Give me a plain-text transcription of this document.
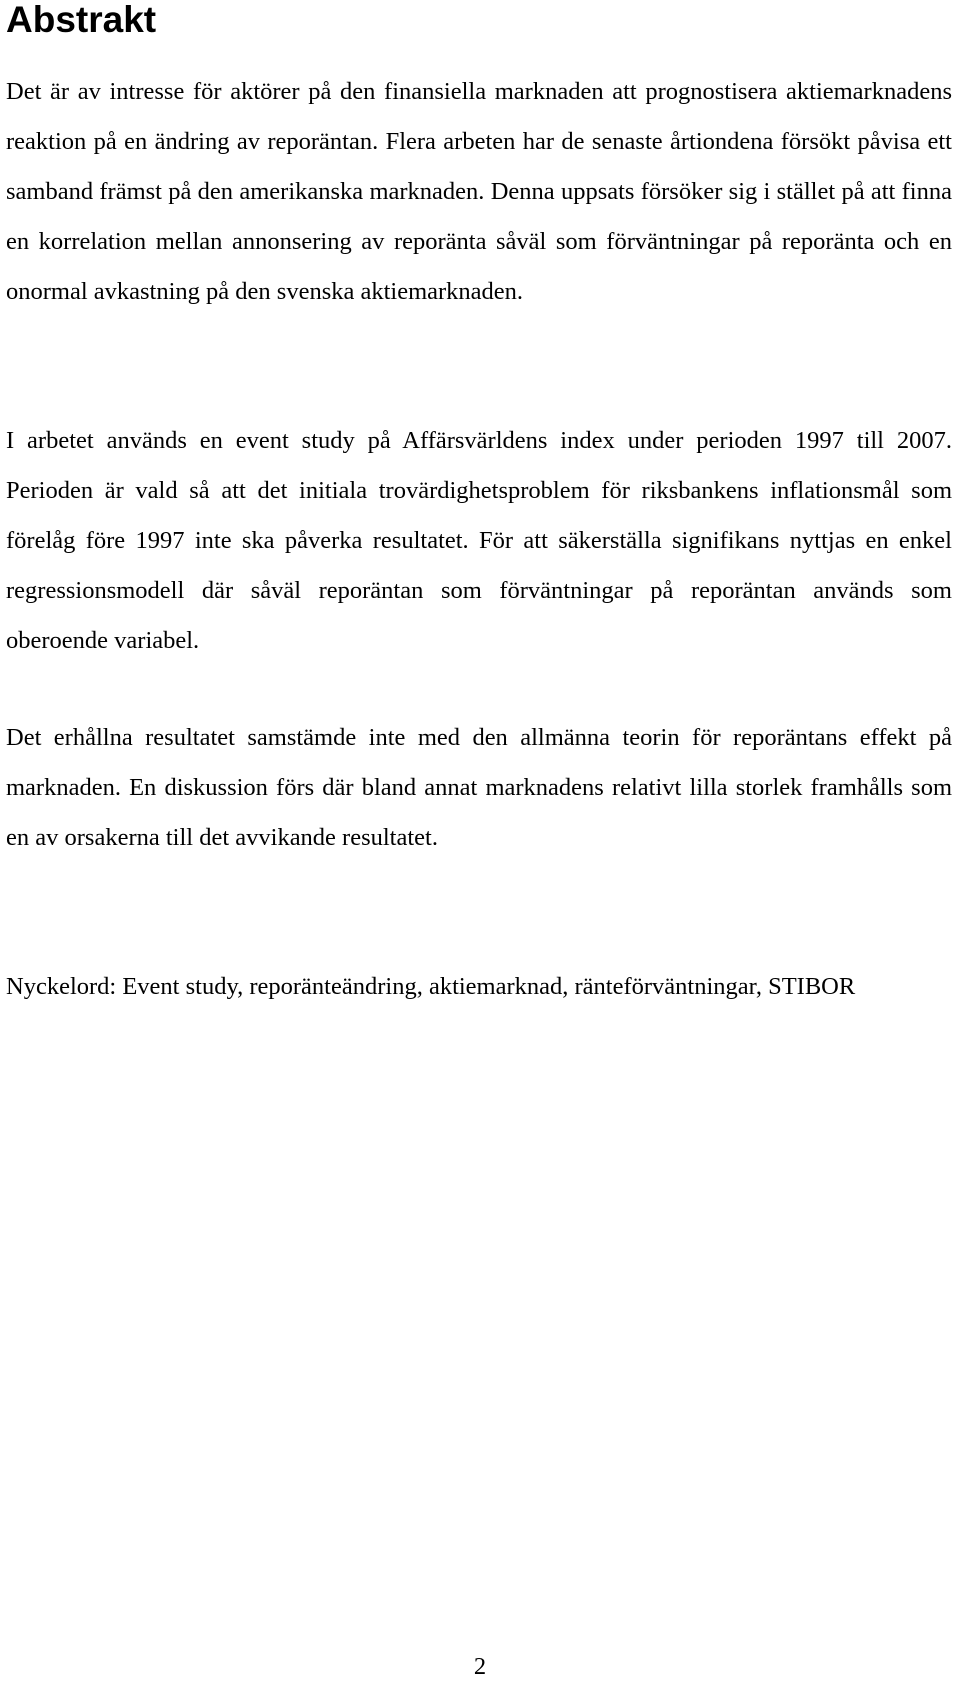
Abstrakt

Det är av intresse för aktörer på den finansiella marknaden att prognostisera aktiemarknadens reaktion på en ändring av reporäntan. Flera arbeten har de senaste årtiondena försökt påvisa ett samband främst på den amerikanska marknaden. Denna uppsats försöker sig i stället på att finna en korrelation mellan annonsering av reporänta såväl som förväntningar på reporänta och en onormal avkastning på den svenska aktiemarknaden.

I arbetet används en event study på Affärsvärldens index under perioden 1997 till 2007. Perioden är vald så att det initiala trovärdighetsproblem för riksbankens inflationsmål som förelåg före 1997 inte ska påverka resultatet. För att säkerställa signifikans nyttjas en enkel regressionsmodell där såväl reporäntan som förväntningar på reporäntan används som oberoende variabel.

Det erhållna resultatet samstämde inte med den allmänna teorin för reporäntans effekt på marknaden. En diskussion förs där bland annat marknadens relativt lilla storlek framhålls som en av orsakerna till det avvikande resultatet.

Nyckelord: Event study, reporänteändring, aktiemarknad, ränteförväntningar, STIBOR

2
